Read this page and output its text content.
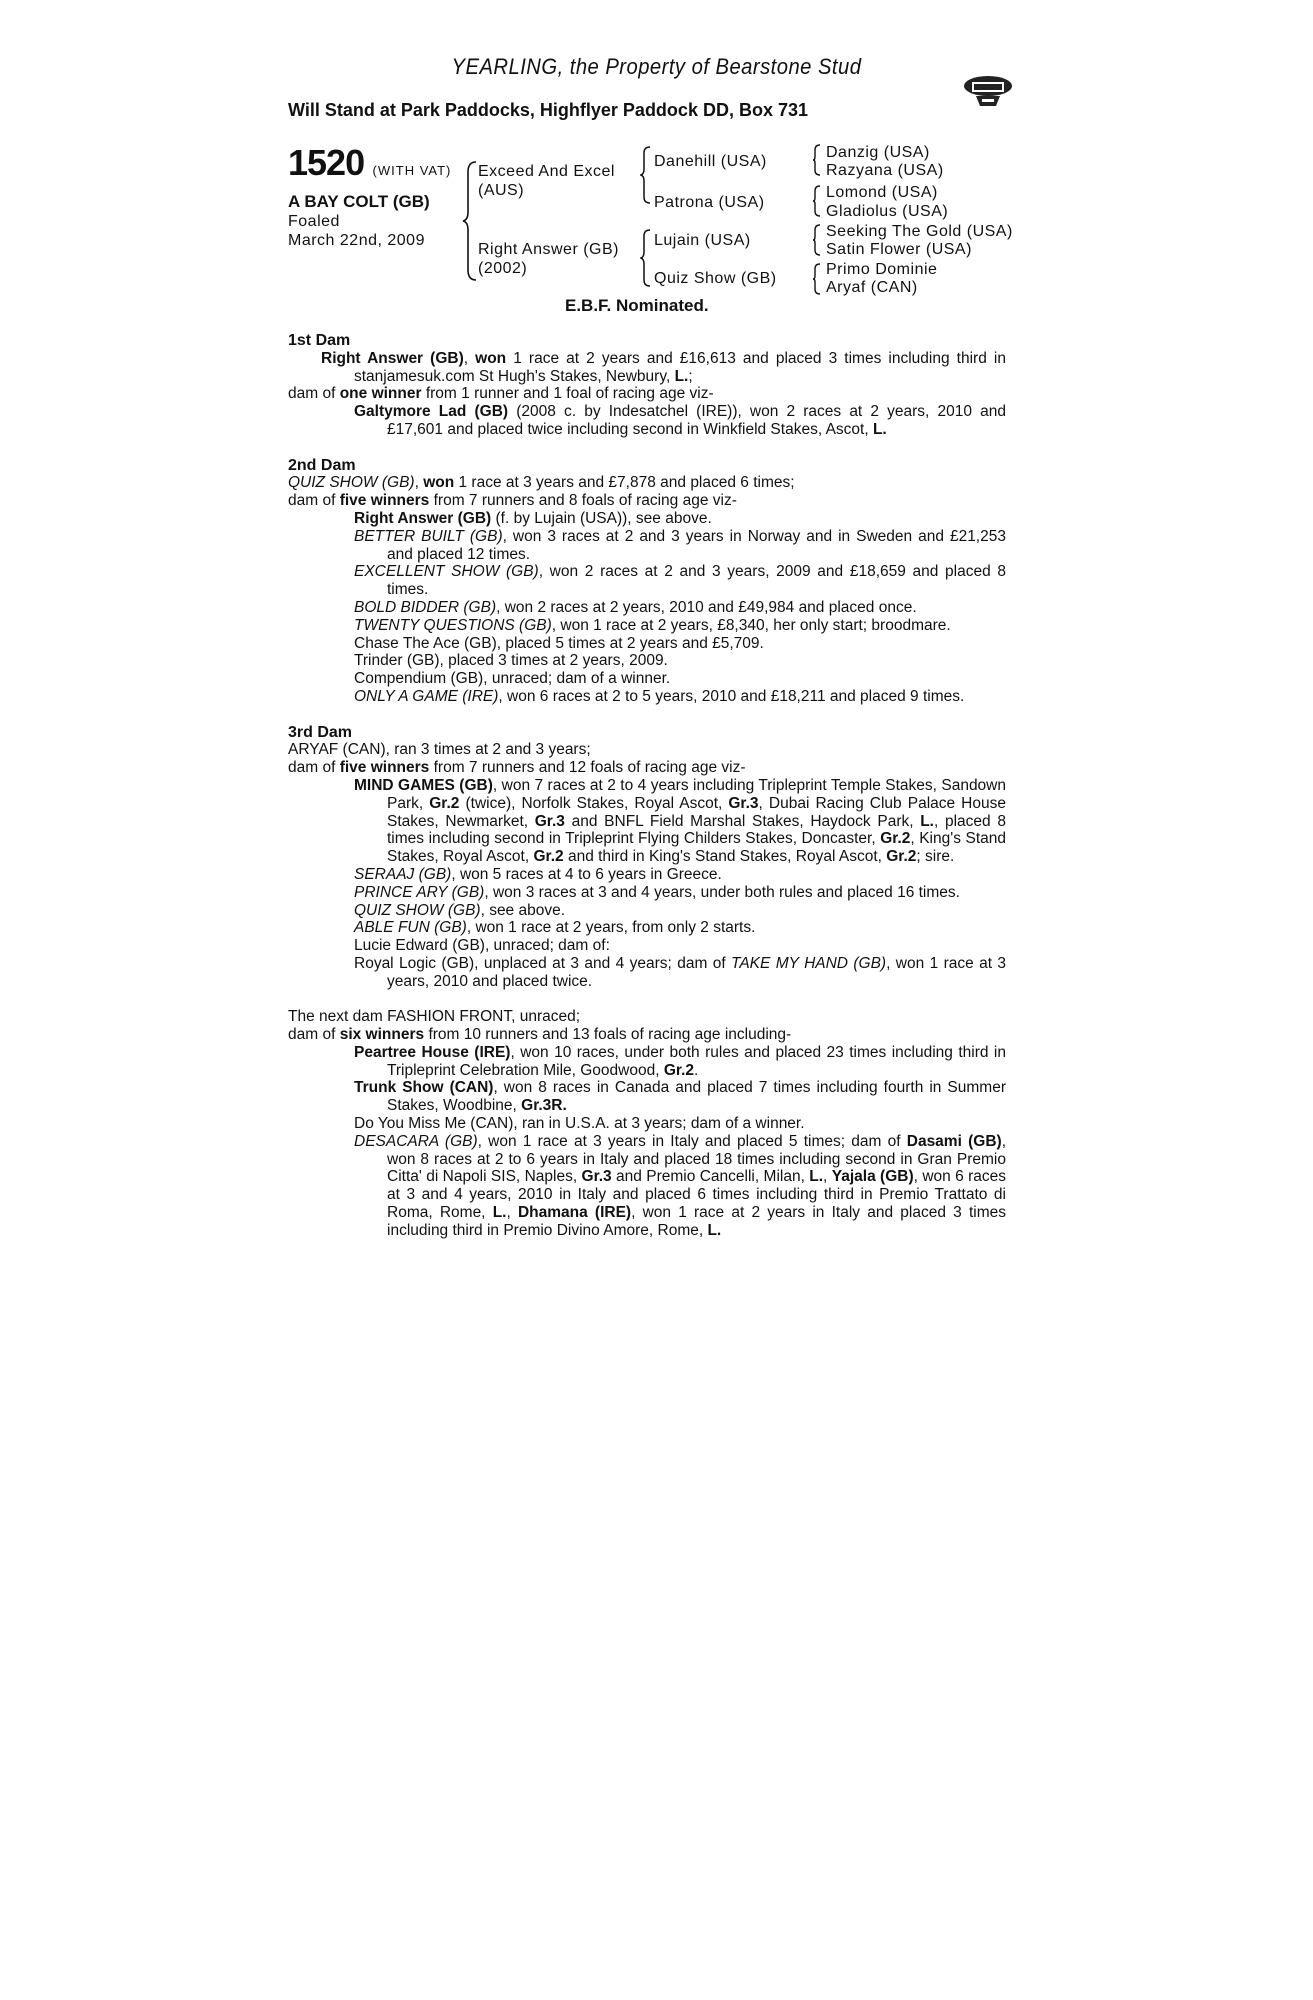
YEARLING, the Property of Bearstone Stud
Will Stand at Park Paddocks, Highflyer Paddock DD, Box 731
1520 (WITH VAT)
A BAY COLT (GB)
Foaled
March 22nd, 2009
Exceed And Excel
(AUS)
Right Answer (GB)
(2002)
Danehill (USA)
Patrona (USA)
Lujain (USA)
Quiz Show (GB)
Danzig (USA)
Razyana (USA)
Lomond (USA)
Gladiolus (USA)
Seeking The Gold (USA)
Satin Flower (USA)
Primo Dominie
Aryaf (CAN)
E.B.F. Nominated.

1st Dam

Right Answer (GB), won 1 race at 2 years and £16,613 and placed 3 times including third in stanjamesuk.com St Hugh's Stakes, Newbury, L.;

dam of one winner from 1 runner and 1 foal of racing age viz-

Galtymore Lad (GB) (2008 c. by Indesatchel (IRE)), won 2 races at 2 years, 2010 and £17,601 and placed twice including second in Winkfield Stakes, Ascot, L.

2nd Dam

QUIZ SHOW (GB), won 1 race at 3 years and £7,878 and placed 6 times;

dam of five winners from 7 runners and 8 foals of racing age viz-

Right Answer (GB) (f. by Lujain (USA)), see above.

BETTER BUILT (GB), won 3 races at 2 and 3 years in Norway and in Sweden and £21,253 and placed 12 times.

EXCELLENT SHOW (GB), won 2 races at 2 and 3 years, 2009 and £18,659 and placed 8 times.

BOLD BIDDER (GB), won 2 races at 2 years, 2010 and £49,984 and placed once.

TWENTY QUESTIONS (GB), won 1 race at 2 years, £8,340, her only start; broodmare.

Chase The Ace (GB), placed 5 times at 2 years and £5,709.

Trinder (GB), placed 3 times at 2 years, 2009.

Compendium (GB), unraced; dam of a winner.

ONLY A GAME (IRE), won 6 races at 2 to 5 years, 2010 and £18,211 and placed 9 times.

3rd Dam

ARYAF (CAN), ran 3 times at 2 and 3 years;

dam of five winners from 7 runners and 12 foals of racing age viz-

MIND GAMES (GB), won 7 races at 2 to 4 years including Tripleprint Temple Stakes, Sandown Park, Gr.2 (twice), Norfolk Stakes, Royal Ascot, Gr.3, Dubai Racing Club Palace House Stakes, Newmarket, Gr.3 and BNFL Field Marshal Stakes, Haydock Park, L., placed 8 times including second in Tripleprint Flying Childers Stakes, Doncaster, Gr.2, King's Stand Stakes, Royal Ascot, Gr.2 and third in King's Stand Stakes, Royal Ascot, Gr.2; sire.

SERAAJ (GB), won 5 races at 4 to 6 years in Greece.

PRINCE ARY (GB), won 3 races at 3 and 4 years, under both rules and placed 16 times.

QUIZ SHOW (GB), see above.

ABLE FUN (GB), won 1 race at 2 years, from only 2 starts.

Lucie Edward (GB), unraced; dam of:

Royal Logic (GB), unplaced at 3 and 4 years; dam of TAKE MY HAND (GB), won 1 race at 3 years, 2010 and placed twice.

The next dam FASHION FRONT, unraced;

dam of six winners from 10 runners and 13 foals of racing age including-

Peartree House (IRE), won 10 races, under both rules and placed 23 times including third in Tripleprint Celebration Mile, Goodwood, Gr.2.

Trunk Show (CAN), won 8 races in Canada and placed 7 times including fourth in Summer Stakes, Woodbine, Gr.3R.

Do You Miss Me (CAN), ran in U.S.A. at 3 years; dam of a winner.

DESACARA (GB), won 1 race at 3 years in Italy and placed 5 times; dam of Dasami (GB), won 8 races at 2 to 6 years in Italy and placed 18 times including second in Gran Premio Citta' di Napoli SIS, Naples, Gr.3 and Premio Cancelli, Milan, L., Yajala (GB), won 6 races at 3 and 4 years, 2010 in Italy and placed 6 times including third in Premio Trattato di Roma, Rome, L., Dhamana (IRE), won 1 race at 2 years in Italy and placed 3 times including third in Premio Divino Amore, Rome, L.
